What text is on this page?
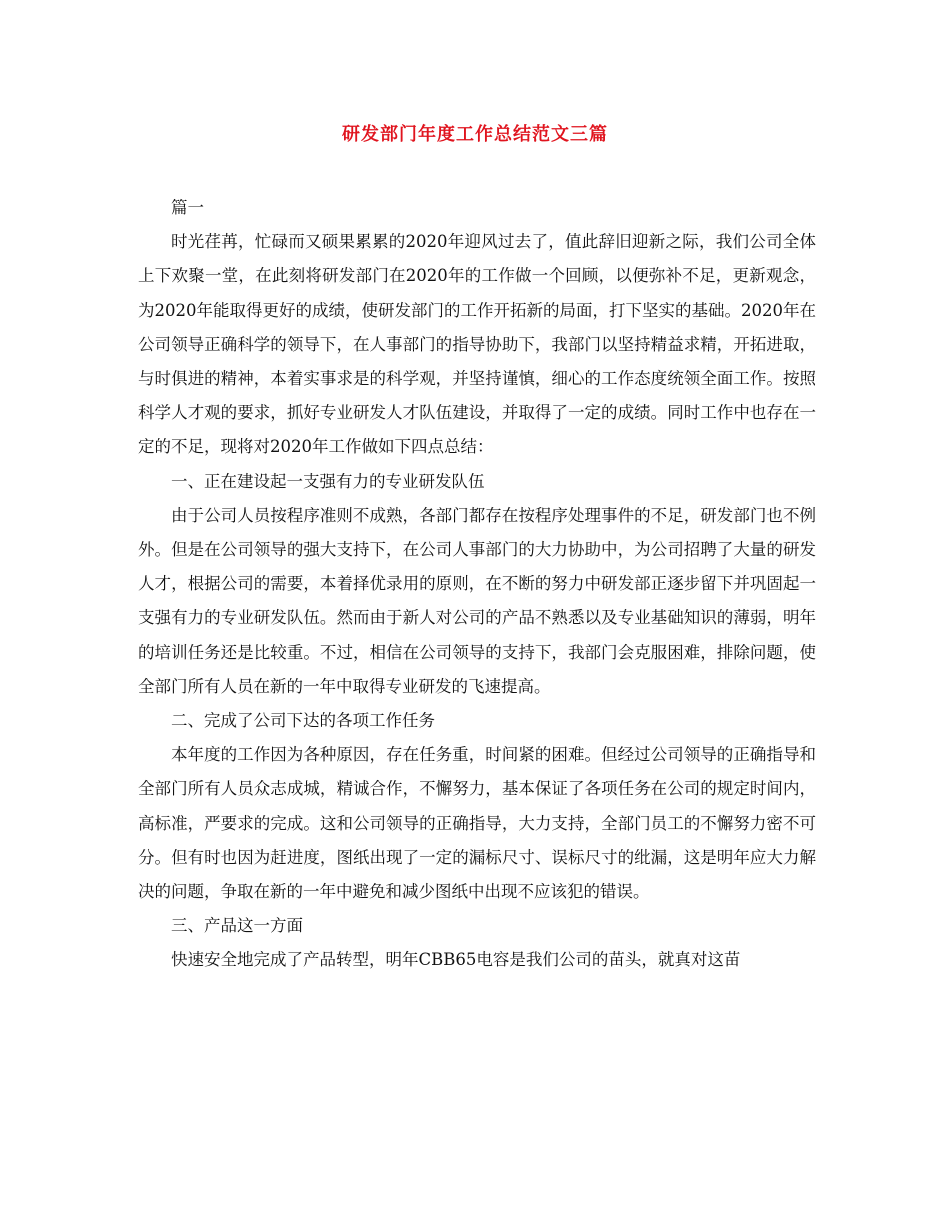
研发部门年度工作总结范文三篇

篇一

时光荏苒，忙碌而又硕果累累的2020年迎风过去了，值此辞旧迎新之际，我们公司全体上下欢聚一堂，在此刻将研发部门在2020年的工作做一个回顾，以便弥补不足，更新观念，为2020年能取得更好的成绩，使研发部门的工作开拓新的局面，打下坚实的基础。2020年在公司领导正确科学的领导下，在人事部门的指导协助下，我部门以坚持精益求精，开拓进取，与时俱进的精神，本着实事求是的科学观，并坚持谨慎，细心的工作态度统领全面工作。按照科学人才观的要求，抓好专业研发人才队伍建设，并取得了一定的成绩。同时工作中也存在一定的不足，现将对2020年工作做如下四点总结：

一、正在建设起一支强有力的专业研发队伍

由于公司人员按程序准则不成熟，各部门都存在按程序处理事件的不足，研发部门也不例外。但是在公司领导的强大支持下，在公司人事部门的大力协助中，为公司招聘了大量的研发人才，根据公司的需要，本着择优录用的原则，在不断的努力中研发部正逐步留下并巩固起一支强有力的专业研发队伍。然而由于新人对公司的产品不熟悉以及专业基础知识的薄弱，明年的培训任务还是比较重。不过，相信在公司领导的支持下，我部门会克服困难，排除问题，使全部门所有人员在新的一年中取得专业研发的飞速提高。

二、完成了公司下达的各项工作任务

本年度的工作因为各种原因，存在任务重，时间紧的困难。但经过公司领导的正确指导和全部门所有人员众志成城，精诚合作，不懈努力，基本保证了各项任务在公司的规定时间内，高标准，严要求的完成。这和公司领导的正确指导，大力支持，全部门员工的不懈努力密不可分。但有时也因为赶进度，图纸出现了一定的漏标尺寸、误标尺寸的纰漏，这是明年应大力解决的问题，争取在新的一年中避免和减少图纸中出现不应该犯的错误。

三、产品这一方面

快速安全地完成了产品转型，明年CBB65电容是我们公司的苗头，就真对这苗
